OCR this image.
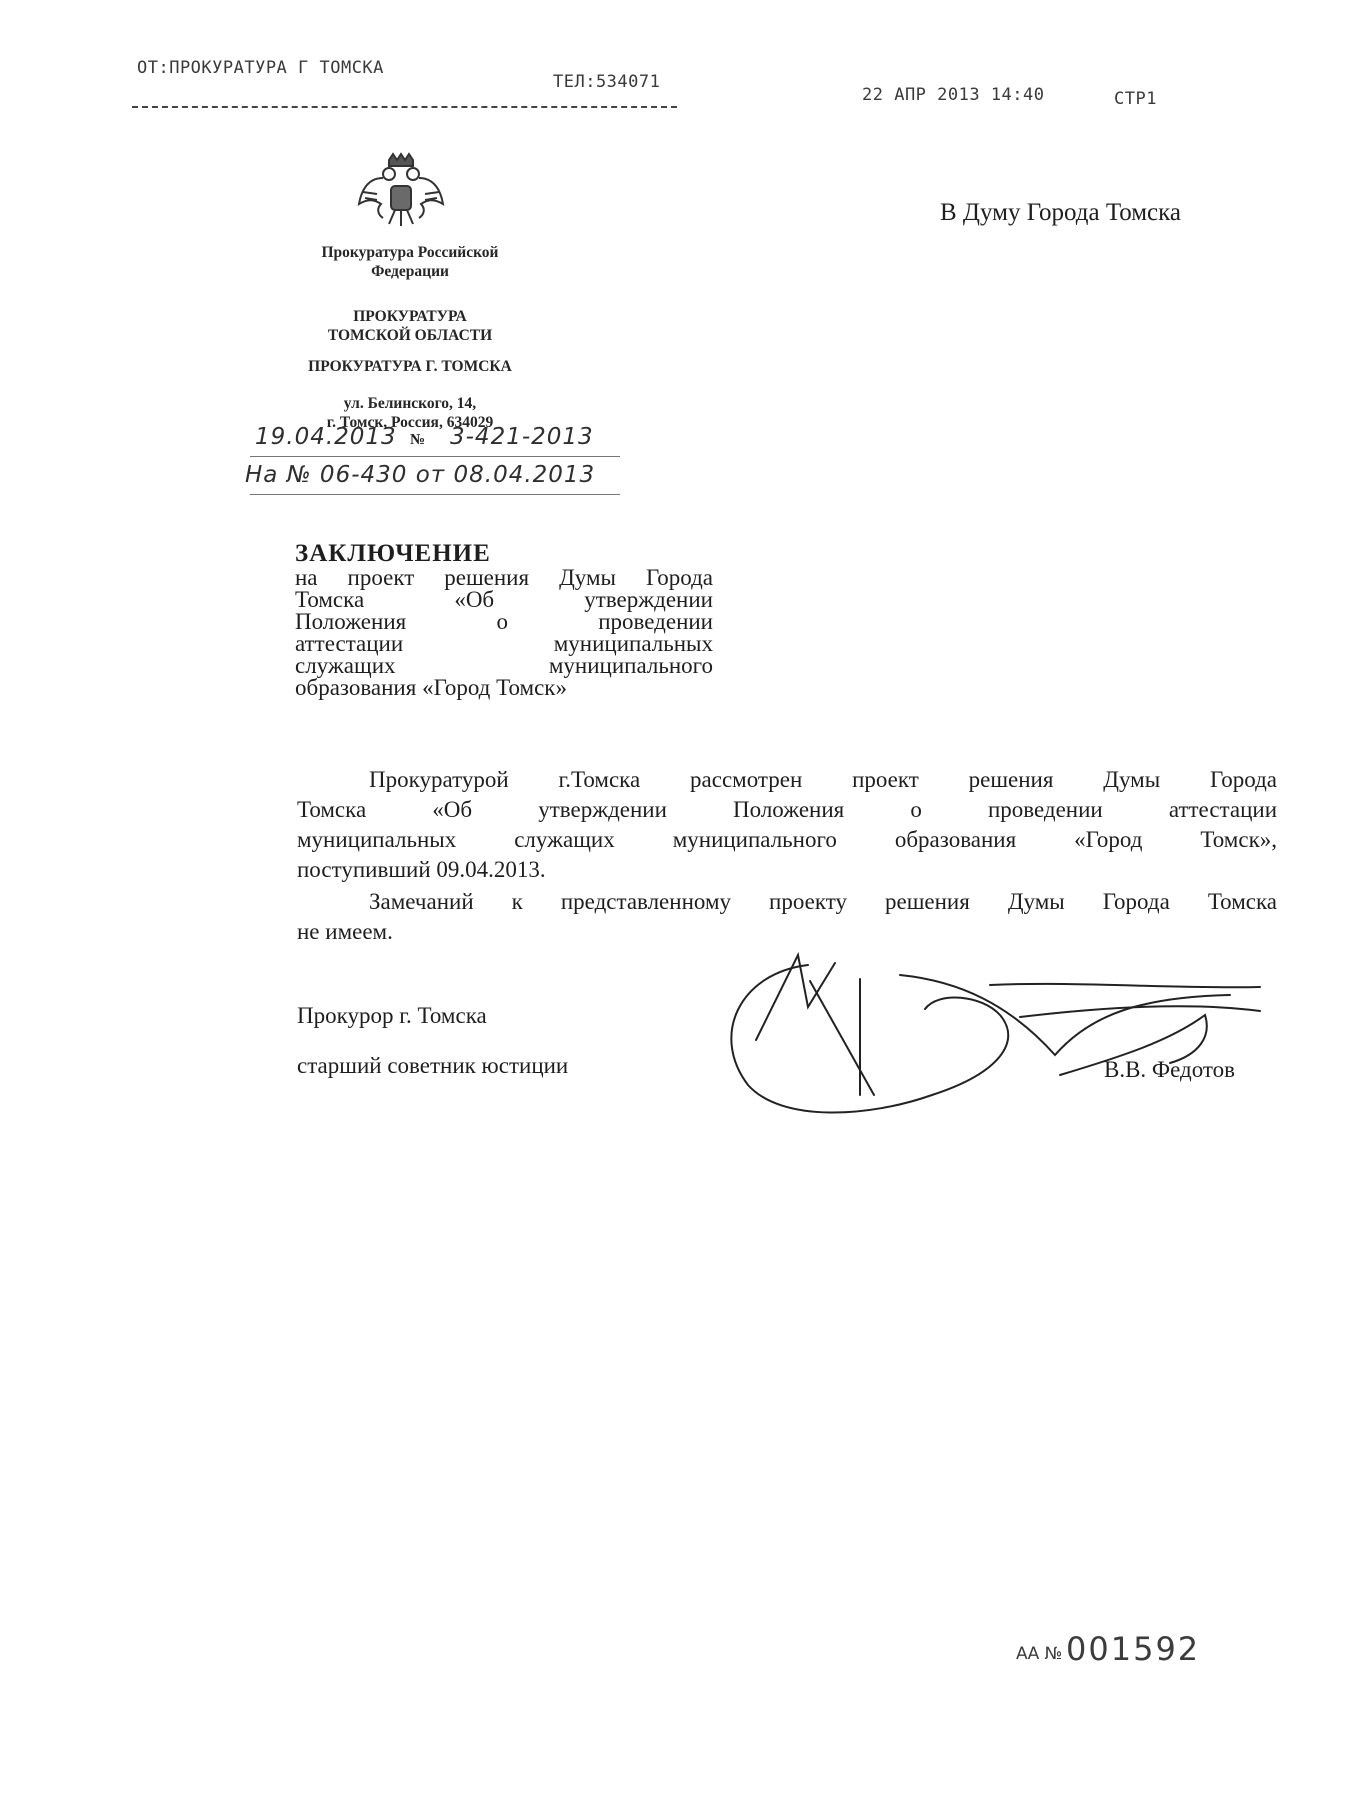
ОТ:ПРОКУРАТУРА Г ТОМСКА
ТЕЛ:534071
22 АПР 2013 14:40	СТР1
Прокуратура Российской
Федерации
ПРОКУРАТУРА
ТОМСКОЙ ОБЛАСТИ
ПРОКУРАТУРА Г. ТОМСКА
ул. Белинского, 14,
г. Томск, Россия, 634029
В Думу Города Томска
19.04.2013 № 3-421-2013
На № 06-430 от 08.04.2013
ЗАКЛЮЧЕНИЕ
на проект решения Думы Города
Томска «Об утверждении
Положения о проведении
аттестации муниципальных
служащих муниципального
образования «Город Томск»
Прокуратурой г.Томска рассмотрен проект решения Думы Города
Томска «Об утверждении Положения о проведении аттестации
муниципальных служащих муниципального образования «Город Томск»,
поступивший 09.04.2013.
Замечаний к представленному проекту решения Думы Города Томска
не имеем.
Прокурор г. Томска
старший советник юстиции	В.В. Федотов
АА № 001592
